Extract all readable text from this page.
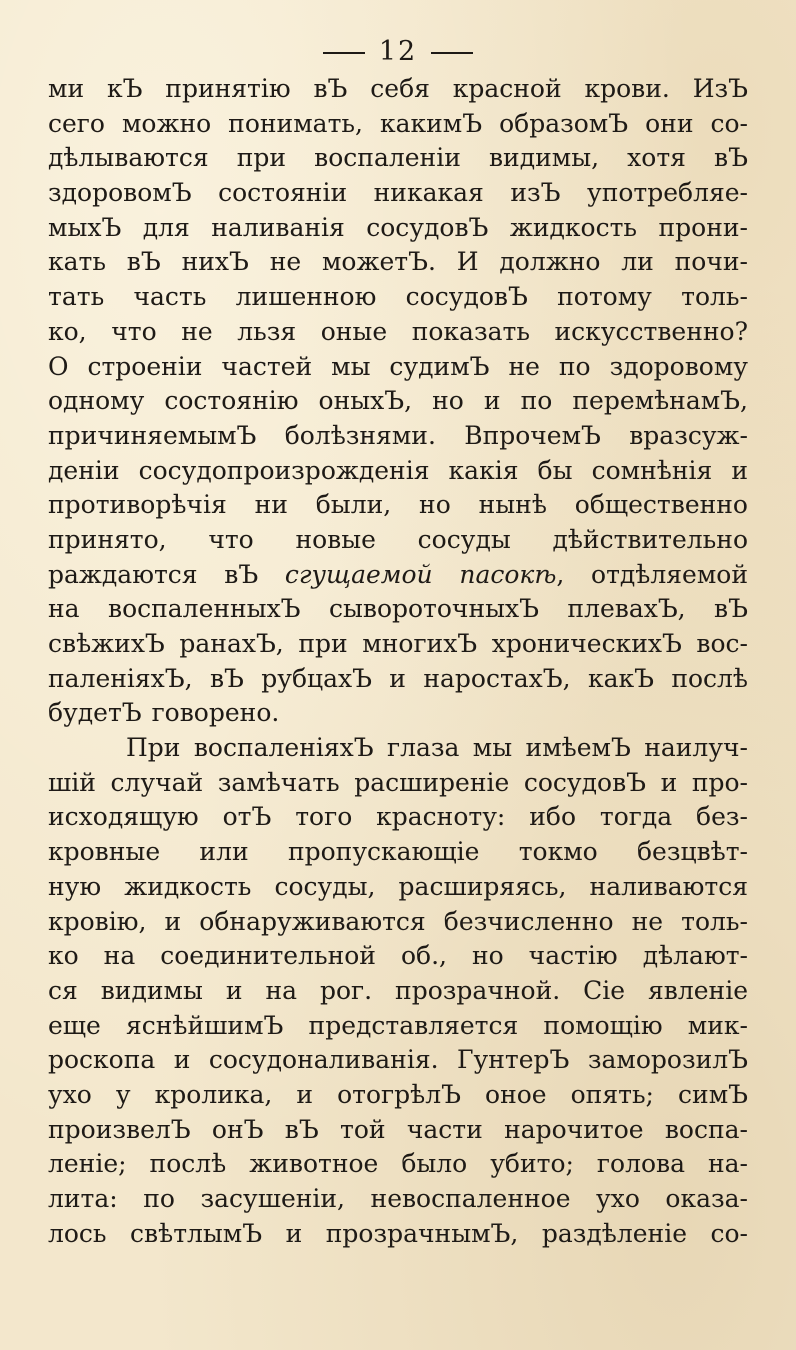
12
ми кЪ принятію вЪ себя красной крови. ИзЪ
сего можно понимать, какимЪ образомЪ они со-
дѣлываются при воспаленіи видимы, хотя вЪ
здоровомЪ состояніи никакая изЪ употребляе-
мыхЪ для наливанія сосудовЪ жидкость прони-
кать вЪ нихЪ не можетЪ. И должно ли почи-
тать часть лишенною сосудовЪ потому толь-
ко, что не льзя оные показать искусственно?
О строеніи частей мы судимЪ не по здоровому
одному состоянію оныхЪ, но и по перемѣнамЪ,
причиняемымЪ болѣзнями. ВпрочемЪ вразсуж-
деніи сосудопроизрожденія какія бы сомнѣнія и
противорѣчія ни были, но нынѣ общественно
принято, что новые сосуды дѣйствительно
раждаются вЪ сгущаемой пасокѣ, отдѣляемой
на воспаленныхЪ сывороточныхЪ плевахЪ, вЪ
свѣжихЪ ранахЪ, при многихЪ хроническихЪ вос-
паленіяхЪ, вЪ рубцахЪ и наростахЪ, какЪ послѣ
будетЪ говорено.
При воспаленіяхЪ глаза мы имѣемЪ наилуч-
шій случай замѣчать расширеніе сосудовЪ и про-
исходящую отЪ того красноту: ибо тогда без-
кровные или пропускающіе токмо безцвѣт-
ную жидкость сосуды, расширяясь, наливаются
кровію, и обнаруживаются безчисленно не толь-
ко на соединительной об., но частію дѣлают-
ся видимы и на рог. прозрачной. Сіе явленіе
еще яснѣйшимЪ представляется помощію мик-
роскопа и сосудоналиванія. ГунтерЪ заморозилЪ
ухо у кролика, и отогрѣлЪ оное опять; симЪ
произвелЪ онЪ вЪ той части нарочитое воспа-
леніе; послѣ животное было убито; голова на-
лита: по засушеніи, невоспаленное ухо оказа-
лось свѣтлымЪ и прозрачнымЪ, раздѣленіе со-
